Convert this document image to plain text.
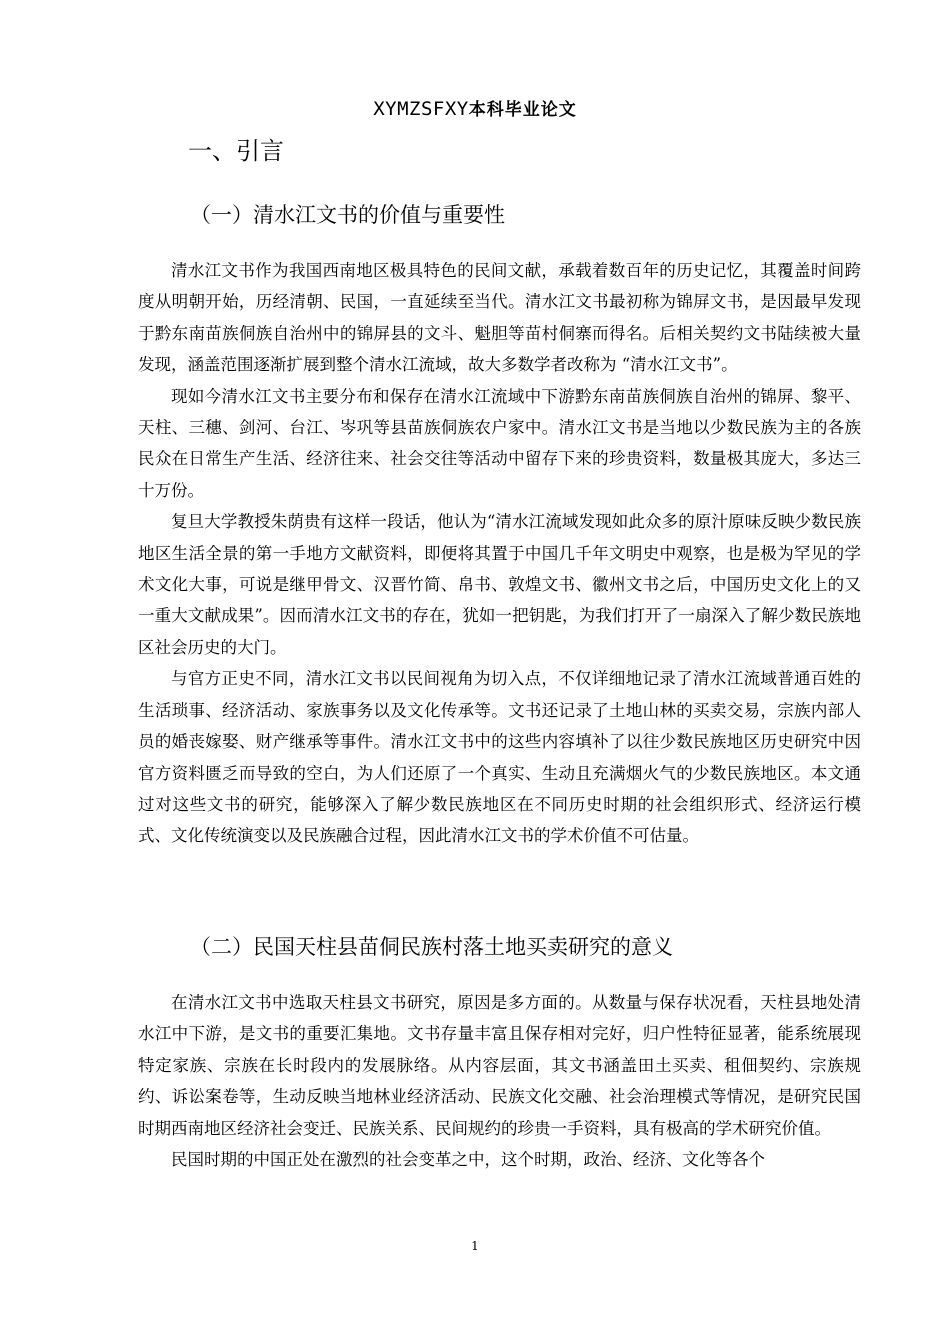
XYMZSFXY本科毕业论文
一、引言
（一）清水江文书的价值与重要性

清水江文书作为我国西南地区极具特色的民间文献，承载着数百年的历史记忆，其覆盖时间跨度从明朝开始，历经清朝、民国，一直延续至当代。清水江文书最初称为锦屏文书，是因最早发现于黔东南苗族侗族自治州中的锦屏县的文斗、魁胆等苗村侗寨而得名。后相关契约文书陆续被大量发现，涵盖范围逐渐扩展到整个清水江流域，故大多数学者改称为 “清水江文书”。

现如今清水江文书主要分布和保存在清水江流域中下游黔东南苗族侗族自治州的锦屏、黎平、天柱、三穗、剑河、台江、岑巩等县苗族侗族农户家中。清水江文书是当地以少数民族为主的各族民众在日常生产生活、经济往来、社会交往等活动中留存下来的珍贵资料，数量极其庞大，多达三十万份。

复旦大学教授朱荫贵有这样一段话，他认为“清水江流域发现如此众多的原汁原味反映少数民族地区生活全景的第一手地方文献资料，即便将其置于中国几千年文明史中观察，也是极为罕见的学术文化大事，可说是继甲骨文、汉晋竹简、帛书、敦煌文书、徽州文书之后，中国历史文化上的又一重大文献成果”。因而清水江文书的存在，犹如一把钥匙，为我们打开了一扇深入了解少数民族地区社会历史的大门。

与官方正史不同，清水江文书以民间视角为切入点，不仅详细地记录了清水江流域普通百姓的生活琐事、经济活动、家族事务以及文化传承等。文书还记录了土地山林的买卖交易，宗族内部人员的婚丧嫁娶、财产继承等事件。清水江文书中的这些内容填补了以往少数民族地区历史研究中因官方资料匮乏而导致的空白，为人们还原了一个真实、生动且充满烟火气的少数民族地区。本文通过对这些文书的研究，能够深入了解少数民族地区在不同历史时期的社会组织形式、经济运行模式、文化传统演变以及民族融合过程，因此清水江文书的学术价值不可估量。

（二）民国天柱县苗侗民族村落土地买卖研究的意义

在清水江文书中选取天柱县文书研究，原因是多方面的。从数量与保存状况看，天柱县地处清水江中下游，是文书的重要汇集地。文书存量丰富且保存相对完好，归户性特征显著，能系统展现特定家族、宗族在长时段内的发展脉络。从内容层面，其文书涵盖田土买卖、租佃契约、宗族规约、诉讼案卷等，生动反映当地林业经济活动、民族文化交融、社会治理模式等情况，是研究民国时期西南地区经济社会变迁、民族关系、民间规约的珍贵一手资料，具有极高的学术研究价值。

民国时期的中国正处在激烈的社会变革之中，这个时期，政治、经济、文化等各个

1
